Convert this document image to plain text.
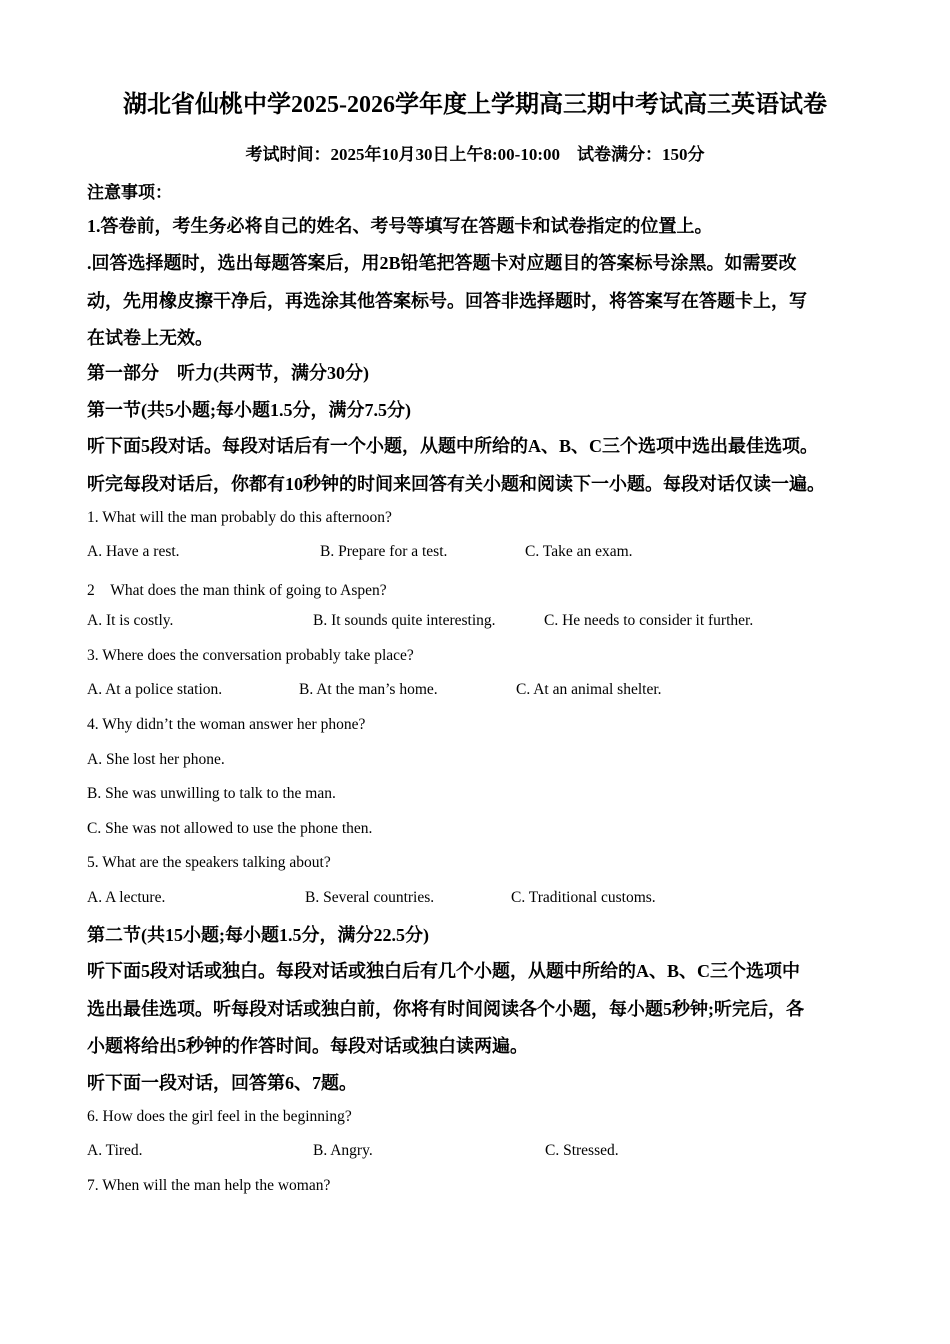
湖北省仙桃中学2025-2026学年度上学期高三期中考试高三英语试卷
考试时间：2025年10月30日上午8:00-10:00　试卷满分：150分
注意事项：
1.答卷前，考生务必将自己的姓名、考号等填写在答题卡和试卷指定的位置上。
.回答选择题时，选出每题答案后，用2B铅笔把答题卡对应题目的答案标号涂黑。如需要改
动，先用橡皮擦干净后，再选涂其他答案标号。回答非选择题时，将答案写在答题卡上，写
在试卷上无效。
第一部分　听力(共两节，满分30分)
第一节(共5小题;每小题1.5分，满分7.5分)
听下面5段对话。每段对话后有一个小题，从题中所给的A、B、C三个选项中选出最佳选项。
听完每段对话后，你都有10秒钟的时间来回答有关小题和阅读下一小题。每段对话仅读一遍。
1. What will the man probably do this afternoon?
A. Have a rest.	B. Prepare for a test.	C. Take an exam.
2　What does the man think of going to Aspen?
A. It is costly.	B. It sounds quite interesting.	C. He needs to consider it further.
3. Where does the conversation probably take place?
A. At a police station.	B. At the man’s home.	C. At an animal shelter.
4. Why didn’t the woman answer her phone?
A. She lost her phone.
B. She was unwilling to talk to the man.
C. She was not allowed to use the phone then.
5. What are the speakers talking about?
A. A lecture.	B. Several countries.	C. Traditional customs.
第二节(共15小题;每小题1.5分，满分22.5分)
听下面5段对话或独白。每段对话或独白后有几个小题，从题中所给的A、B、C三个选项中
选出最佳选项。听每段对话或独白前，你将有时间阅读各个小题，每小题5秒钟;听完后，各
小题将给出5秒钟的作答时间。每段对话或独白读两遍。
听下面一段对话，回答第6、7题。
6. How does the girl feel in the beginning?
A. Tired.	B. Angry.	C. Stressed.
7. When will the man help the woman?
